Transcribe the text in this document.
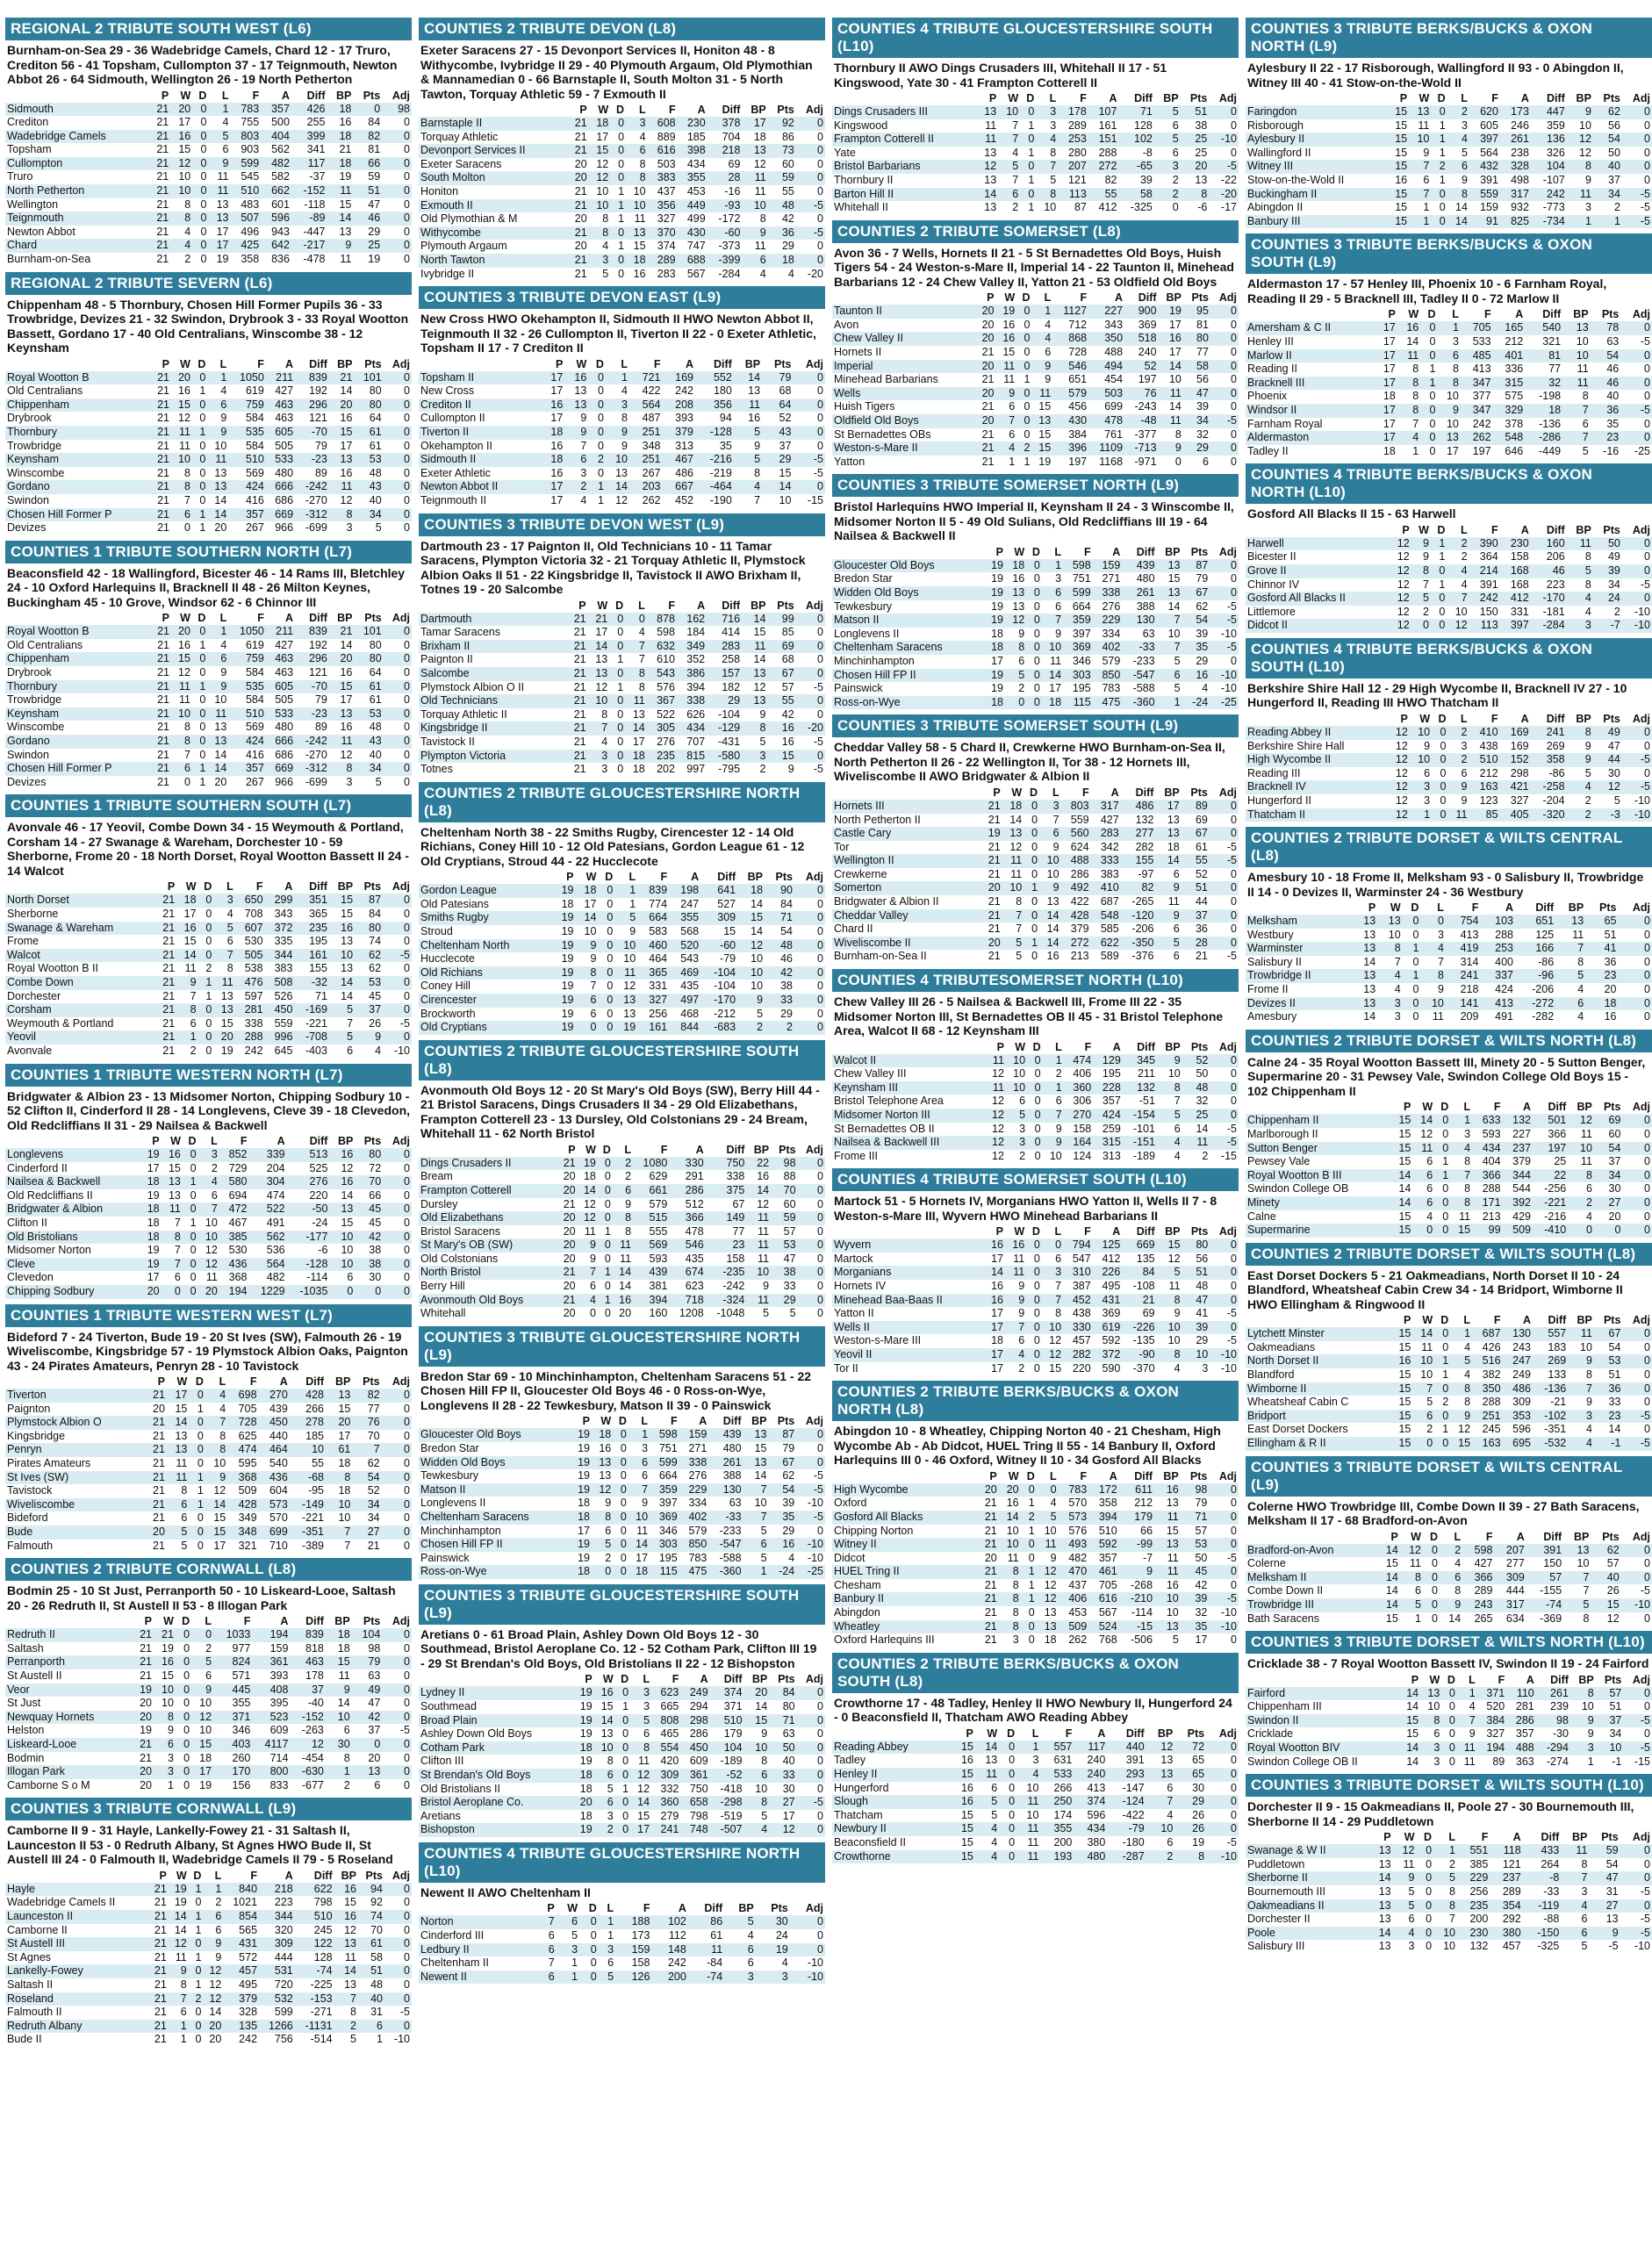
REGIONAL 2 TRIBUTE SOUTH WEST (L6)
Burnham-on-Sea 29 - 36 Wadebridge Camels, Chard 12 - 17 Truro, Crediton 56 - 41 Topsham, Cullompton 37 - 17 Teignmouth, Newton Abbot 26 - 64 Sidmouth, Wellington 26 - 19 North Petherton
	P	W	D	L	F	A	Diff	BP	Pts	Adj
Sidmouth	21	20	0	1	783	357	426	18	0	98
Crediton	21	17	0	4	755	500	255	16	84	0
Wadebridge Camels	21	16	0	5	803	404	399	18	82	0
Topsham	21	15	0	6	903	562	341	21	81	0
Cullompton	21	12	0	9	599	482	117	18	66	0
Truro	21	10	0	11	545	582	-37	19	59	0
North Petherton	21	10	0	11	510	662	-152	11	51	0
Wellington	21	8	0	13	483	601	-118	15	47	0
Teignmouth	21	8	0	13	507	596	-89	14	46	0
Newton Abbot	21	4	0	17	496	943	-447	13	29	0
Chard	21	4	0	17	425	642	-217	9	25	0
Burnham-on-Sea	21	2	0	19	358	836	-478	11	19	0
REGIONAL 2 TRIBUTE SEVERN (L6)
Chippenham 48 - 5 Thornbury, Chosen Hill Former Pupils 36 - 33 Trowbridge, Devizes 21 - 32 Swindon, Drybrook 3 - 33 Royal Wootton Bassett, Gordano 17 - 40 Old Centralians, Winscombe 38 - 12 Keynsham
	P	W	D	L	F	A	Diff	BP	Pts	Adj
Royal Wootton B	21	20	0	1	1050	211	839	21	101	0
Old Centralians	21	16	1	4	619	427	192	14	80	0
Chippenham	21	15	0	6	759	463	296	20	80	0
Drybrook	21	12	0	9	584	463	121	16	64	0
Thornbury	21	11	1	9	535	605	-70	15	61	0
Trowbridge	21	11	0	10	584	505	79	17	61	0
Keynsham	21	10	0	11	510	533	-23	13	53	0
Winscombe	21	8	0	13	569	480	89	16	48	0
Gordano	21	8	0	13	424	666	-242	11	43	0
Swindon	21	7	0	14	416	686	-270	12	40	0
Chosen Hill Former P	21	6	1	14	357	669	-312	8	34	0
Devizes	21	0	1	20	267	966	-699	3	5	0
COUNTIES 1 TRIBUTE SOUTHERN NORTH (L7)
Beaconsfield 42 - 18 Wallingford, Bicester 46 - 14 Rams III, Bletchley 24 - 10 Oxford Harlequins II, Bracknell II 48 - 26 Milton Keynes, Buckingham 45 - 10 Grove, Windsor 62 - 6 Chinnor III
	P	W	D	L	F	A	Diff	BP	Pts	Adj
Royal Wootton B	21	20	0	1	1050	211	839	21	101	0
Old Centralians	21	16	1	4	619	427	192	14	80	0
Chippenham	21	15	0	6	759	463	296	20	80	0
Drybrook	21	12	0	9	584	463	121	16	64	0
Thornbury	21	11	1	9	535	605	-70	15	61	0
Trowbridge	21	11	0	10	584	505	79	17	61	0
Keynsham	21	10	0	11	510	533	-23	13	53	0
Winscombe	21	8	0	13	569	480	89	16	48	0
Gordano	21	8	0	13	424	666	-242	11	43	0
Swindon	21	7	0	14	416	686	-270	12	40	0
Chosen Hill Former P	21	6	1	14	357	669	-312	8	34	0
Devizes	21	0	1	20	267	966	-699	3	5	0
COUNTIES 1 TRIBUTE SOUTHERN SOUTH (L7)
Avonvale 46 - 17 Yeovil, Combe Down 34 - 15 Weymouth & Portland, Corsham 14 - 27 Swanage & Wareham, Dorchester 10 - 59 Sherborne, Frome 20 - 18 North Dorset, Royal Wootton Bassett II 24 - 14 Walcot
	P	W	D	L	F	A	Diff	BP	Pts	Adj
North Dorset	21	18	0	3	650	299	351	15	87	0
Sherborne	21	17	0	4	708	343	365	15	84	0
Swanage & Wareham	21	16	0	5	607	372	235	16	80	0
Frome	21	15	0	6	530	335	195	13	74	0
Walcot	21	14	0	7	505	344	161	10	62	-5
Royal Wootton B II	21	11	2	8	538	383	155	13	62	0
Combe Down	21	9	1	11	476	508	-32	14	53	0
Dorchester	21	7	1	13	597	526	71	14	45	0
Corsham	21	8	0	13	281	450	-169	5	37	0
Weymouth & Portland	21	6	0	15	338	559	-221	7	26	-5
Yeovil	21	1	0	20	288	996	-708	5	9	0
Avonvale	21	2	0	19	242	645	-403	6	4	-10
COUNTIES 1 TRIBUTE WESTERN NORTH (L7)
Bridgwater & Albion 23 - 13 Midsomer Norton, Chipping Sodbury 10 - 52 Clifton II, Cinderford II 28 - 14 Longlevens, Cleve 39 - 18 Clevedon, Old Redcliffians II 31 - 29 Nailsea & Backwell
	P	W	D	L	F	A	Diff	BP	Pts	Adj
Longlevens	19	16	0	3	852	339	513	16	80	0
Cinderford II	17	15	0	2	729	204	525	12	72	0
Nailsea & Backwell	18	13	1	4	580	304	276	16	70	0
Old Redcliffians II	19	13	0	6	694	474	220	14	66	0
Bridgwater & Albion	18	11	0	7	472	522	-50	13	45	0
Clifton II	18	7	1	10	467	491	-24	15	45	0
Old Bristolians	18	8	0	10	385	562	-177	10	42	0
Midsomer Norton	19	7	0	12	530	536	-6	10	38	0
Cleve	19	7	0	12	436	564	-128	10	38	0
Clevedon	17	6	0	11	368	482	-114	6	30	0
Chipping Sodbury	20	0	0	20	194	1229	-1035	0	0	0
COUNTIES 1 TRIBUTE WESTERN WEST (L7)
Bideford 7 - 24 Tiverton, Bude 19 - 20 St Ives (SW), Falmouth 26 - 19 Wiveliscombe, Kingsbridge 57 - 19 Plymstock Albion Oaks, Paignton 43 - 24 Pirates Amateurs, Penryn 28 - 10 Tavistock
	P	W	D	L	F	A	Diff	BP	Pts	Adj
Tiverton	21	17	0	4	698	270	428	13	82	0
Paignton	20	15	1	4	705	439	266	15	77	0
Plymstock Albion O	21	14	0	7	728	450	278	20	76	0
Kingsbridge	21	13	0	8	625	440	185	17	70	0
Penryn	21	13	0	8	474	464	10	61	7	0
Pirates Amateurs	21	11	0	10	595	540	55	18	62	0
St Ives (SW)	21	11	1	9	368	436	-68	8	54	0
Tavistock	21	8	1	12	509	604	-95	18	52	0
Wiveliscombe	21	6	1	14	428	573	-149	10	34	0
Bideford	21	6	0	15	349	570	-221	10	34	0
Bude	20	5	0	15	348	699	-351	7	27	0
Falmouth	21	5	0	17	321	710	-389	7	21	0
COUNTIES 2 TRIBUTE CORNWALL (L8)
Bodmin 25 - 10 St Just, Perranporth 50 - 10 Liskeard-Looe, Saltash 20 - 26 Redruth II, St Austell II 53 - 8 Illogan Park
	P	W	D	L	F	A	Diff	BP	Pts	Adj
Redruth II	21	21	0	0	1033	194	839	18	104	0
Saltash	21	19	0	2	977	159	818	18	98	0
Perranporth	21	16	0	5	824	361	463	15	79	0
St Austell II	21	15	0	6	571	393	178	11	63	0
Veor	19	10	0	9	445	408	37	9	49	0
St Just	20	10	0	10	355	395	-40	14	47	0
Newquay Hornets	20	8	0	12	371	523	-152	10	42	0
Helston	19	9	0	10	346	609	-263	6	37	-5
Liskeard-Looe	21	6	0	15	403	4117	12	30	0	0
Bodmin	21	3	0	18	260	714	-454	8	20	0
Illogan Park	20	3	0	17	170	800	-630	1	13	0
Camborne S o M	20	1	0	19	156	833	-677	2	6	0
COUNTIES 3 TRIBUTE CORNWALL (L9)
Camborne II 9 - 31 Hayle, Lankelly-Fowey 21 - 31 Saltash II, Launceston II 53 - 0 Redruth Albany, St Agnes HWO Bude II, St Austell III 24 - 0 Falmouth II, Wadebridge Camels II 79 - 5 Roseland
	P	W	D	L	F	A	Diff	BP	Pts	Adj
Hayle	21	19	1	1	840	218	622	16	94	0
Wadebridge Camels II	21	19	0	2	1021	223	798	15	92	0
Launceston II	21	14	1	6	854	344	510	16	74	0
Camborne II	21	14	1	6	565	320	245	12	70	0
St Austell III	21	12	0	9	431	309	122	13	61	0
St Agnes	21	11	1	9	572	444	128	11	58	0
Lankelly-Fowey	21	9	0	12	457	531	-74	14	51	0
Saltash II	21	8	1	12	495	720	-225	13	48	0
Roseland	21	7	2	12	379	532	-153	7	40	0
Falmouth II	21	6	0	14	328	599	-271	8	31	-5
Redruth Albany	21	1	0	20	135	1266	-1131	2	6	0
Bude II	21	1	0	20	242	756	-514	5	1	-10
COUNTIES 2 TRIBUTE DEVON (L8)
Exeter Saracens 27 - 15 Devonport Services II, Honiton 48 - 8 Withycombe, Ivybridge II 29 - 40 Plymouth Argaum, Old Plymothian & Mannamedian 0 - 66 Barnstaple II, South Molton 31 - 5 North Tawton, Torquay Athletic 59 - 7 Exmouth II
	P	W	D	L	F	A	Diff	BP	Pts	Adj
Barnstaple II	21	18	0	3	608	230	378	17	92	0
Torquay Athletic	21	17	0	4	889	185	704	18	86	0
Devonport Services II	21	15	0	6	616	398	218	13	73	0
Exeter Saracens	20	12	0	8	503	434	69	12	60	0
South Molton	20	12	0	8	383	355	28	11	59	0
Honiton	21	10	1	10	437	453	-16	11	55	0
Exmouth II	21	10	1	10	356	449	-93	10	48	-5
Old Plymothian & M	20	8	1	11	327	499	-172	8	42	0
Withycombe	21	8	0	13	370	430	-60	9	36	-5
Plymouth Argaum	20	4	1	15	374	747	-373	11	29	0
North Tawton	21	3	0	18	289	688	-399	6	18	0
Ivybridge II	21	5	0	16	283	567	-284	4	4	-20
COUNTIES 3 TRIBUTE DEVON EAST (L9)
New Cross HWO Okehampton II, Sidmouth II HWO Newton Abbot II, Teignmouth II 32 - 26 Cullompton II, Tiverton II 22 - 0 Exeter Athletic, Topsham II 17 - 7 Crediton II
	P	W	D	L	F	A	Diff	BP	Pts	Adj
Topsham II	17	16	0	1	721	169	552	14	79	0
New Cross	17	13	0	4	422	242	180	13	68	0
Crediton II	16	13	0	3	564	208	356	11	64	0
Cullompton II	17	9	0	8	487	393	94	16	52	0
Tiverton II	18	9	0	9	251	379	-128	5	43	0
Okehampton II	16	7	0	9	348	313	35	9	37	0
Sidmouth II	18	6	2	10	251	467	-216	5	29	-5
Exeter Athletic	16	3	0	13	267	486	-219	8	15	-5
Newton Abbot II	17	2	1	14	203	667	-464	4	14	0
Teignmouth II	17	4	1	12	262	452	-190	7	10	-15
COUNTIES 3 TRIBUTE DEVON WEST (L9)
Dartmouth 23 - 17 Paignton II, Old Technicians 10 - 11 Tamar Saracens, Plympton Victoria 32 - 21 Torquay Athletic II, Plymstock Albion Oaks II 51 - 22 Kingsbridge II, Tavistock II AWO Brixham II, Totnes 19 - 20 Salcombe
	P	W	D	L	F	A	Diff	BP	Pts	Adj
Dartmouth	21	21	0	0	878	162	716	14	99	0
Tamar Saracens	21	17	0	4	598	184	414	15	85	0
Brixham II	21	14	0	7	632	349	283	11	69	0
Paignton II	21	13	1	7	610	352	258	14	68	0
Salcombe	21	13	0	8	543	386	157	13	67	0
Plymstock Albion O II	21	12	1	8	576	394	182	12	57	-5
Old Technicians	21	10	0	11	367	338	29	13	55	0
Torquay Athletic II	21	8	0	13	522	626	-104	9	42	0
Kingsbridge II	21	7	0	14	305	434	-129	8	16	-20
Tavistock II	21	4	0	17	276	707	-431	5	16	-5
Plympton Victoria	21	3	0	18	235	815	-580	3	15	0
Totnes	21	3	0	18	202	997	-795	2	9	-5
COUNTIES 2 TRIBUTE GLOUCESTERSHIRE NORTH (L8)
Cheltenham North 38 - 22 Smiths Rugby, Cirencester 12 - 14 Old Richians, Coney Hill 10 - 12 Old Patesians, Gordon League 61 - 12 Old Cryptians, Stroud 44 - 22 Hucclecote
	P	W	D	L	F	A	Diff	BP	Pts	Adj
Gordon League	19	18	0	1	839	198	641	18	90	0
Old Patesians	18	17	0	1	774	247	527	14	84	0
Smiths Rugby	19	14	0	5	664	355	309	15	71	0
Stroud	19	10	0	9	583	568	15	14	54	0
Cheltenham North	19	9	0	10	460	520	-60	12	48	0
Hucclecote	19	9	0	10	464	543	-79	10	46	0
Old Richians	19	8	0	11	365	469	-104	10	42	0
Coney Hill	19	7	0	12	331	435	-104	10	38	0
Cirencester	19	6	0	13	327	497	-170	9	33	0
Brockworth	19	6	0	13	256	468	-212	5	29	0
Old Cryptians	19	0	0	19	161	844	-683	2	2	0
COUNTIES 2 TRIBUTE GLOUCESTERSHIRE SOUTH (L8)
Avonmouth Old Boys 12 - 20 St Mary's Old Boys (SW), Berry Hill 44 - 21 Bristol Saracens, Dings Crusaders II 34 - 29 Old Elizabethans, Frampton Cotterell 23 - 13 Dursley, Old Colstonians 29 - 24 Bream, Whitehall 11 - 62 North Bristol
	P	W	D	L	F	A	Diff	BP	Pts	Adj
Dings Crusaders II	21	19	0	2	1080	330	750	22	98	0
Bream	20	18	0	2	629	291	338	16	88	0
Frampton Cotterell	20	14	0	6	661	286	375	14	70	0
Dursley	21	12	0	9	579	512	67	12	60	0
Old Elizabethans	20	12	0	8	515	366	149	11	59	0
Bristol Saracens	20	11	1	8	555	478	77	11	57	0
St Mary's OB (SW)	20	9	0	11	569	546	23	11	53	0
Old Colstonians	20	9	0	11	593	435	158	11	47	0
North Bristol	21	7	1	14	439	674	-235	10	38	0
Berry Hill	20	6	0	14	381	623	-242	9	33	0
Avonmouth Old Boys	21	4	1	16	394	718	-324	11	29	0
Whitehall	20	0	0	20	160	1208	-1048	5	5	0
COUNTIES 3 TRIBUTE GLOUCESTERSHIRE NORTH (L9)
Bredon Star 69 - 10 Minchinhampton, Cheltenham Saracens 51 - 22 Chosen Hill FP II, Gloucester Old Boys 46 - 0 Ross-on-Wye, Longlevens II 28 - 22 Tewkesbury, Matson II 39 - 0 Painswick
	P	W	D	L	F	A	Diff	BP	Pts	Adj
Gloucester Old Boys	19	18	0	1	598	159	439	13	87	0
Bredon Star	19	16	0	3	751	271	480	15	79	0
Widden Old Boys	19	13	0	6	599	338	261	13	67	0
Tewkesbury	19	13	0	6	664	276	388	14	62	-5
Matson II	19	12	0	7	359	229	130	7	54	-5
Longlevens II	18	9	0	9	397	334	63	10	39	-10
Cheltenham Saracens	18	8	0	10	369	402	-33	7	35	-5
Minchinhampton	17	6	0	11	346	579	-233	5	29	0
Chosen Hill FP II	19	5	0	14	303	850	-547	6	16	-10
Painswick	19	2	0	17	195	783	-588	5	4	-10
Ross-on-Wye	18	0	0	18	115	475	-360	1	-24	-25
COUNTIES 3 TRIBUTE GLOUCESTERSHIRE SOUTH (L9)
Aretians 0 - 61 Broad Plain, Ashley Down Old Boys 12 - 30 Southmead, Bristol Aeroplane Co. 12 - 52 Cotham Park, Clifton III 19 - 29 St Brendan's Old Boys, Old Bristolians II 22 - 12 Bishopston
	P	W	D	L	F	A	Diff	BP	Pts	Adj
Lydney II	19	16	0	3	623	249	374	20	84	0
Southmead	19	15	1	3	665	294	371	14	80	0
Broad Plain	19	14	0	5	808	298	510	15	71	0
Ashley Down Old Boys	19	13	0	6	465	286	179	9	63	0
Cotham Park	18	10	0	8	554	450	104	10	50	0
Clifton III	19	8	0	11	420	609	-189	8	40	0
St Brendan's Old Boys	18	6	0	12	309	361	-52	6	33	0
Old Bristolians II	18	5	1	12	332	750	-418	10	30	0
Bristol Aeroplane Co.	20	6	0	14	360	658	-298	8	27	-5
Aretians	18	3	0	15	279	798	-519	5	17	0
Bishopston	19	2	0	17	241	748	-507	4	12	0
COUNTIES 4 TRIBUTE GLOUCESTERSHIRE NORTH (L10)
Newent II AWO Cheltenham II
	P	W	D	L	F	A	Diff	BP	Pts	Adj
Norton	7	6	0	1	188	102	86	5	30	0
Cinderford III	6	5	0	1	173	112	61	4	24	0
Ledbury II	6	3	0	3	159	148	11	6	19	0
Cheltenham II	7	1	0	6	158	242	-84	6	4	-10
Newent II	6	1	0	5	126	200	-74	3	3	-10
COUNTIES 4 TRIBUTE GLOUCESTERSHIRE SOUTH (L10)
Thornbury II AWO Dings Crusaders III, Whitehall II 17 - 51 Kingswood, Yate 30 - 41 Frampton Cotterell II
	P	W	D	L	F	A	Diff	BP	Pts	Adj
Dings Crusaders III	13	10	0	3	178	107	71	5	51	0
Kingswood	11	7	1	3	289	161	128	6	38	0
Frampton Cotterell II	11	7	0	4	253	151	102	5	25	-10
Yate	13	4	1	8	280	288	-8	6	25	0
Bristol Barbarians	12	5	0	7	207	272	-65	3	20	-5
Thornbury II	13	7	1	5	121	82	39	2	13	-22
Barton Hill II	14	6	0	8	113	55	58	2	8	-20
Whitehall II	13	2	1	10	87	412	-325	0	-6	-17
COUNTIES 2 TRIBUTE SOMERSET (L8)
Avon 36 - 7 Wells, Hornets II 21 - 5 St Bernadettes Old Boys, Huish Tigers 54 - 24 Weston-s-Mare II, Imperial 14 - 22 Taunton II, Minehead Barbarians 12 - 24 Chew Valley II, Yatton 21 - 53 Oldfield Old Boys
	P	W	D	L	F	A	Diff	BP	Pts	Adj
Taunton II	20	19	0	1	1127	227	900	19	95	0
Avon	20	16	0	4	712	343	369	17	81	0
Chew Valley II	20	16	0	4	868	350	518	16	80	0
Hornets II	21	15	0	6	728	488	240	17	77	0
Imperial	20	11	0	9	546	494	52	14	58	0
Minehead Barbarians	21	11	1	9	651	454	197	10	56	0
Wells	20	9	0	11	579	503	76	11	47	0
Huish Tigers	21	6	0	15	456	699	-243	14	39	0
Oldfield Old Boys	20	7	0	13	430	478	-48	11	34	-5
St Bernadettes OBs	21	6	0	15	384	761	-377	8	32	0
Weston-s-Mare II	21	4	2	15	396	1109	-713	9	29	0
Yatton	21	1	1	19	197	1168	-971	0	6	0
COUNTIES 3 TRIBUTE SOMERSET NORTH (L9)
Bristol Harlequins HWO Imperial II, Keynsham II 24 - 3 Winscombe II, Midsomer Norton II 5 - 49 Old Sulians, Old Redcliffians III 19 - 64 Nailsea & Backwell II
	P	W	D	L	F	A	Diff	BP	Pts	Adj
Gloucester Old Boys	19	18	0	1	598	159	439	13	87	0
Bredon Star	19	16	0	3	751	271	480	15	79	0
Widden Old Boys	19	13	0	6	599	338	261	13	67	0
Tewkesbury	19	13	0	6	664	276	388	14	62	-5
Matson II	19	12	0	7	359	229	130	7	54	-5
Longlevens II	18	9	0	9	397	334	63	10	39	-10
Cheltenham Saracens	18	8	0	10	369	402	-33	7	35	-5
Minchinhampton	17	6	0	11	346	579	-233	5	29	0
Chosen Hill FP II	19	5	0	14	303	850	-547	6	16	-10
Painswick	19	2	0	17	195	783	-588	5	4	-10
Ross-on-Wye	18	0	0	18	115	475	-360	1	-24	-25
COUNTIES 3 TRIBUTE SOMERSET SOUTH (L9)
Cheddar Valley 58 - 5 Chard II, Crewkerne HWO Burnham-on-Sea II, North Petherton II 26 - 22 Wellington II, Tor 38 - 12 Hornets III, Wiveliscombe II AWO Bridgwater & Albion II
	P	W	D	L	F	A	Diff	BP	Pts	Adj
Hornets III	21	18	0	3	803	317	486	17	89	0
North Petherton II	21	14	0	7	559	427	132	13	69	0
Castle Cary	19	13	0	6	560	283	277	13	67	0
Tor	21	12	0	9	624	342	282	18	61	-5
Wellington II	21	11	0	10	488	333	155	14	55	-5
Crewkerne	21	11	0	10	286	383	-97	6	52	0
Somerton	20	10	1	9	492	410	82	9	51	0
Bridgwater & Albion II	21	8	0	13	422	687	-265	11	44	0
Cheddar Valley	21	7	0	14	428	548	-120	9	37	0
Chard II	21	7	0	14	379	585	-206	6	36	0
Wiveliscombe II	20	5	1	14	272	622	-350	5	28	0
Burnham-on-Sea II	21	5	0	16	213	589	-376	6	21	-5
COUNTIES 4 TRIBUTESOMERSET NORTH (L10)
Chew Valley III 26 - 5 Nailsea & Backwell III, Frome III 22 - 35 Midsomer Norton III, St Bernadettes OB II 45 - 31 Bristol Telephone Area, Walcot II 68 - 12 Keynsham III
	P	W	D	L	F	A	Diff	BP	Pts	Adj
Walcot II	11	10	0	1	474	129	345	9	52	0
Chew Valley III	12	10	0	2	406	195	211	10	50	0
Keynsham III	11	10	0	1	360	228	132	8	48	0
Bristol Telephone Area	12	6	0	6	306	357	-51	7	32	0
Midsomer Norton III	12	5	0	7	270	424	-154	5	25	0
St Bernadettes OB II	12	3	0	9	158	259	-101	6	14	-5
Nailsea & Backwell III	12	3	0	9	164	315	-151	4	11	-5
Frome III	12	2	0	10	124	313	-189	4	2	-15
COUNTIES 4 TRIBUTE SOMERSET SOUTH (L10)
Martock 51 - 5 Hornets IV, Morganians HWO Yatton II, Wells II 7 - 8 Weston-s-Mare III, Wyvern HWO Minehead Barbarians II
	P	W	D	L	F	A	Diff	BP	Pts	Adj
Wyvern	16	16	0	0	794	125	669	15	80	0
Martock	17	11	0	6	547	412	135	12	56	0
Morganians	14	11	0	3	310	226	84	5	51	0
Hornets IV	16	9	0	7	387	495	-108	11	48	0
Minehead Baa-Baas II	16	9	0	7	452	431	21	8	47	0
Yatton II	17	9	0	8	438	369	69	9	41	-5
Wells II	17	7	0	10	330	619	-226	10	39	0
Weston-s-Mare III	18	6	0	12	457	592	-135	10	29	-5
Yeovil II	17	4	0	12	282	372	-90	8	10	-10
Tor II	17	2	0	15	220	590	-370	4	3	-10
COUNTIES 2 TRIBUTE BERKS/BUCKS & OXON NORTH (L8)
Abingdon 10 - 8 Wheatley, Chipping Norton 40 - 21 Chesham, High Wycombe Ab - Ab Didcot, HUEL Tring II 55 - 14 Banbury II, Oxford Harlequins III 0 - 46 Oxford, Witney II 10 - 34 Gosford All Blacks
	P	W	D	L	F	A	Diff	BP	Pts	Adj
High Wycombe	20	20	0	0	783	172	611	16	98	0
Oxford	21	16	1	4	570	358	212	13	79	0
Gosford All Blacks	21	14	2	5	573	394	179	11	71	0
Chipping Norton	21	10	1	10	576	510	66	15	57	0
Witney II	21	10	0	11	493	592	-99	13	53	0
Didcot	20	11	0	9	482	357	-7	11	50	-5
HUEL Tring II	21	8	1	12	470	461	9	11	45	0
Chesham	21	8	1	12	437	705	-268	16	42	0
Banbury II	21	8	1	12	406	616	-210	10	39	-5
Abingdon	21	8	0	13	453	567	-114	10	32	-10
Wheatley	21	8	0	13	509	524	-15	13	35	-10
Oxford Harlequins III	21	3	0	18	262	768	-506	5	17	0
COUNTIES 2 TRIBUTE BERKS/BUCKS & OXON SOUTH (L8)
Crowthorne 17 - 48 Tadley, Henley II HWO Newbury II, Hungerford 24 - 0 Beaconsfield II, Thatcham AWO Reading Abbey
	P	W	D	L	F	A	Diff	BP	Pts	Adj
Reading Abbey	15	14	0	1	557	117	440	12	72	0
Tadley	16	13	0	3	631	240	391	13	65	0
Henley II	15	11	0	4	533	240	293	13	65	0
Hungerford	16	6	0	10	266	413	-147	6	30	0
Slough	16	5	0	11	250	374	-124	7	29	0
Thatcham	15	5	0	10	174	596	-422	4	26	0
Newbury II	15	4	0	11	355	434	-79	10	26	0
Beaconsfield II	15	4	0	11	200	380	-180	6	19	-5
Crowthorne	15	4	0	11	193	480	-287	2	8	-10
COUNTIES 3 TRIBUTE BERKS/BUCKS & OXON NORTH (L9)
Aylesbury II 22 - 17 Risborough, Wallingford II 93 - 0 Abingdon II, Witney III 40 - 41 Stow-on-the-Wold II
	P	W	D	L	F	A	Diff	BP	Pts	Adj
Faringdon	15	13	0	2	620	173	447	9	62	0
Risborough	15	11	1	3	605	246	359	10	56	0
Aylesbury II	15	10	1	4	397	261	136	12	54	0
Wallingford II	15	9	1	5	564	238	326	12	50	0
Witney III	15	7	2	6	432	328	104	8	40	0
Stow-on-the-Wold II	16	6	1	9	391	498	-107	9	37	0
Buckingham II	15	7	0	8	559	317	242	11	34	-5
Abingdon II	15	1	0	14	159	932	-773	3	2	-5
Banbury III	15	1	0	14	91	825	-734	1	1	-5
COUNTIES 3 TRIBUTE BERKS/BUCKS & OXON SOUTH (L9)
Aldermaston 17 - 57 Henley III, Phoenix 10 - 6 Farnham Royal, Reading II 29 - 5 Bracknell III, Tadley II 0 - 72 Marlow II
	P	W	D	L	F	A	Diff	BP	Pts	Adj
Amersham & C II	17	16	0	1	705	165	540	13	78	0
Henley III	17	14	0	3	533	212	321	10	63	-5
Marlow II	17	11	0	6	485	401	81	10	54	0
Reading II	17	8	1	8	413	336	77	11	46	0
Bracknell III	17	8	1	8	347	315	32	11	46	0
Phoenix	18	8	0	10	377	575	-198	8	40	0
Windsor II	17	8	0	9	347	329	18	7	36	-5
Farnham Royal	17	7	0	10	242	378	-136	6	35	0
Aldermaston	17	4	0	13	262	548	-286	7	23	0
Tadley II	18	1	0	17	197	646	-449	5	-16	-25
COUNTIES 4 TRIBUTE BERKS/BUCKS & OXON NORTH (L10)
Gosford All Blacks II 15 - 63 Harwell
	P	W	D	L	F	A	Diff	BP	Pts	Adj
Harwell	12	9	1	2	390	230	160	11	50	0
Bicester II	12	9	1	2	364	158	206	8	49	0
Grove II	12	8	0	4	214	168	46	5	39	0
Chinnor IV	12	7	1	4	391	168	223	8	34	-5
Gosford All Blacks II	12	5	0	7	242	412	-170	4	24	0
Littlemore	12	2	0	10	150	331	-181	4	2	-10
Didcot II	12	0	0	12	113	397	-284	3	-7	-10
COUNTIES 4 TRIBUTE BERKS/BUCKS & OXON SOUTH (L10)
Berkshire Shire Hall 12 - 29 High Wycombe II, Bracknell IV 27 - 10 Hungerford II, Reading III HWO Thatcham II
	P	W	D	L	F	A	Diff	BP	Pts	Adj
Reading Abbey II	12	10	0	2	410	169	241	8	49	0
Berkshire Shire Hall	12	9	0	3	438	169	269	9	47	0
High Wycombe II	12	10	0	2	510	152	358	9	44	-5
Reading III	12	6	0	6	212	298	-86	5	30	0
Bracknell IV	12	3	0	9	163	421	-258	4	12	-5
Hungerford II	12	3	0	9	123	327	-204	2	5	-10
Thatcham II	12	1	0	11	85	405	-320	2	-3	-10
COUNTIES 2 TRIBUTE DORSET & WILTS CENTRAL (L8)
Amesbury 10 - 18 Frome II, Melksham 93 - 0 Salisbury II, Trowbridge II 14 - 0 Devizes II, Warminster 24 - 36 Westbury
	P	W	D	L	F	A	Diff	BP	Pts	Adj
Melksham	13	13	0	0	754	103	651	13	65	0
Westbury	13	10	0	3	413	288	125	11	51	0
Warminster	13	8	1	4	419	253	166	7	41	0
Salisbury II	14	7	0	7	314	400	-86	8	36	0
Trowbridge II	13	4	1	8	241	337	-96	5	23	0
Frome II	13	4	0	9	218	424	-206	4	20	0
Devizes II	13	3	0	10	141	413	-272	6	18	0
Amesbury	14	3	0	11	209	491	-282	4	16	0
COUNTIES 2 TRIBUTE DORSET & WILTS NORTH (L8)
Calne 24 - 35 Royal Wootton Bassett III, Minety 20 - 5 Sutton Benger, Supermarine 20 - 31 Pewsey Vale, Swindon College Old Boys 15 - 102 Chippenham II
	P	W	D	L	F	A	Diff	BP	Pts	Adj
Chippenham II	15	14	0	1	633	132	501	12	69	0
Marlborough II	15	12	0	3	593	227	366	11	60	0
Sutton Benger	15	11	0	4	434	237	197	10	54	0
Pewsey Vale	15	6	1	8	404	379	25	11	37	0
Royal Wootton B III	14	6	1	7	366	344	22	8	34	0
Swindon College OB	14	6	0	8	288	544	-256	6	30	0
Minety	14	6	0	8	171	392	-221	2	27	0
Calne	15	4	0	11	213	429	-216	4	20	0
Supermarine	15	0	0	15	99	509	-410	0	0	0
COUNTIES 2 TRIBUTE DORSET & WILTS SOUTH (L8)
East Dorset Dockers 5 - 21 Oakmeadians, North Dorset II 10 - 24 Blandford, Wheatsheaf Cabin Crew 34 - 14 Bridport, Wimborne II HWO Ellingham & Ringwood II
	P	W	D	L	F	A	Diff	BP	Pts	Adj
Lytchett Minster	15	14	0	1	687	130	557	11	67	0
Oakmeadians	15	11	0	4	426	243	183	10	54	0
North Dorset II	16	10	1	5	516	247	269	9	53	0
Blandford	15	10	1	4	382	249	133	8	51	0
Wimborne II	15	7	0	8	350	486	-136	7	36	0
Wheatsheaf Cabin C	15	5	2	8	288	309	-21	9	33	0
Bridport	15	6	0	9	251	353	-102	3	23	-5
East Dorset Dockers	15	2	1	12	245	596	-351	4	14	0
Ellingham & R II	15	0	0	15	163	695	-532	4	-1	-5
COUNTIES 3 TRIBUTE DORSET & WILTS CENTRAL (L9)
Colerne HWO Trowbridge III, Combe Down II 39 - 27 Bath Saracens, Melksham II 17 - 68 Bradford-on-Avon
	P	W	D	L	F	A	Diff	BP	Pts	Adj
Bradford-on-Avon	14	12	0	2	598	207	391	13	62	0
Colerne	15	11	0	4	427	277	150	10	57	0
Melksham II	14	8	0	6	366	309	57	7	40	0
Combe Down II	14	6	0	8	289	444	-155	7	26	-5
Trowbridge III	14	5	0	9	243	317	-74	5	15	-10
Bath Saracens	15	1	0	14	265	634	-369	8	12	0
COUNTIES 3 TRIBUTE DORSET & WILTS NORTH (L10)
Cricklade 38 - 7 Royal Wootton Bassett IV, Swindon II 19 - 24 Fairford
	P	W	D	L	F	A	Diff	BP	Pts	Adj
Fairford	14	13	0	1	371	110	261	8	57	0
Chippenham III	14	10	0	4	520	281	239	10	51	0
Swindon II	15	8	0	7	384	286	98	9	37	-5
Cricklade	15	6	0	9	327	357	-30	9	34	0
Royal Wootton BIV	14	3	0	11	194	488	-294	3	10	-5
Swindon College OB II	14	3	0	11	89	363	-274	1	-1	-15
COUNTIES 3 TRIBUTE DORSET & WILTS SOUTH (L10)
Dorchester II 9 - 15 Oakmeadians II, Poole 27 - 30 Bournemouth III, Sherborne II 14 - 29 Puddletown
	P	W	D	L	F	A	Diff	BP	Pts	Adj
Swanage & W II	13	12	0	1	551	118	433	11	59	0
Puddletown	13	11	0	2	385	121	264	8	54	0
Sherborne II	14	9	0	5	229	237	-8	7	47	0
Bournemouth III	13	5	0	8	256	289	-33	3	31	-5
Oakmeadians II	13	5	0	8	235	354	-119	4	27	0
Dorchester II	13	6	0	7	200	292	-88	6	13	-5
Poole	14	4	0	10	230	380	-150	6	9	-5
Salisbury III	13	3	0	10	132	457	-325	5	-5	-10
